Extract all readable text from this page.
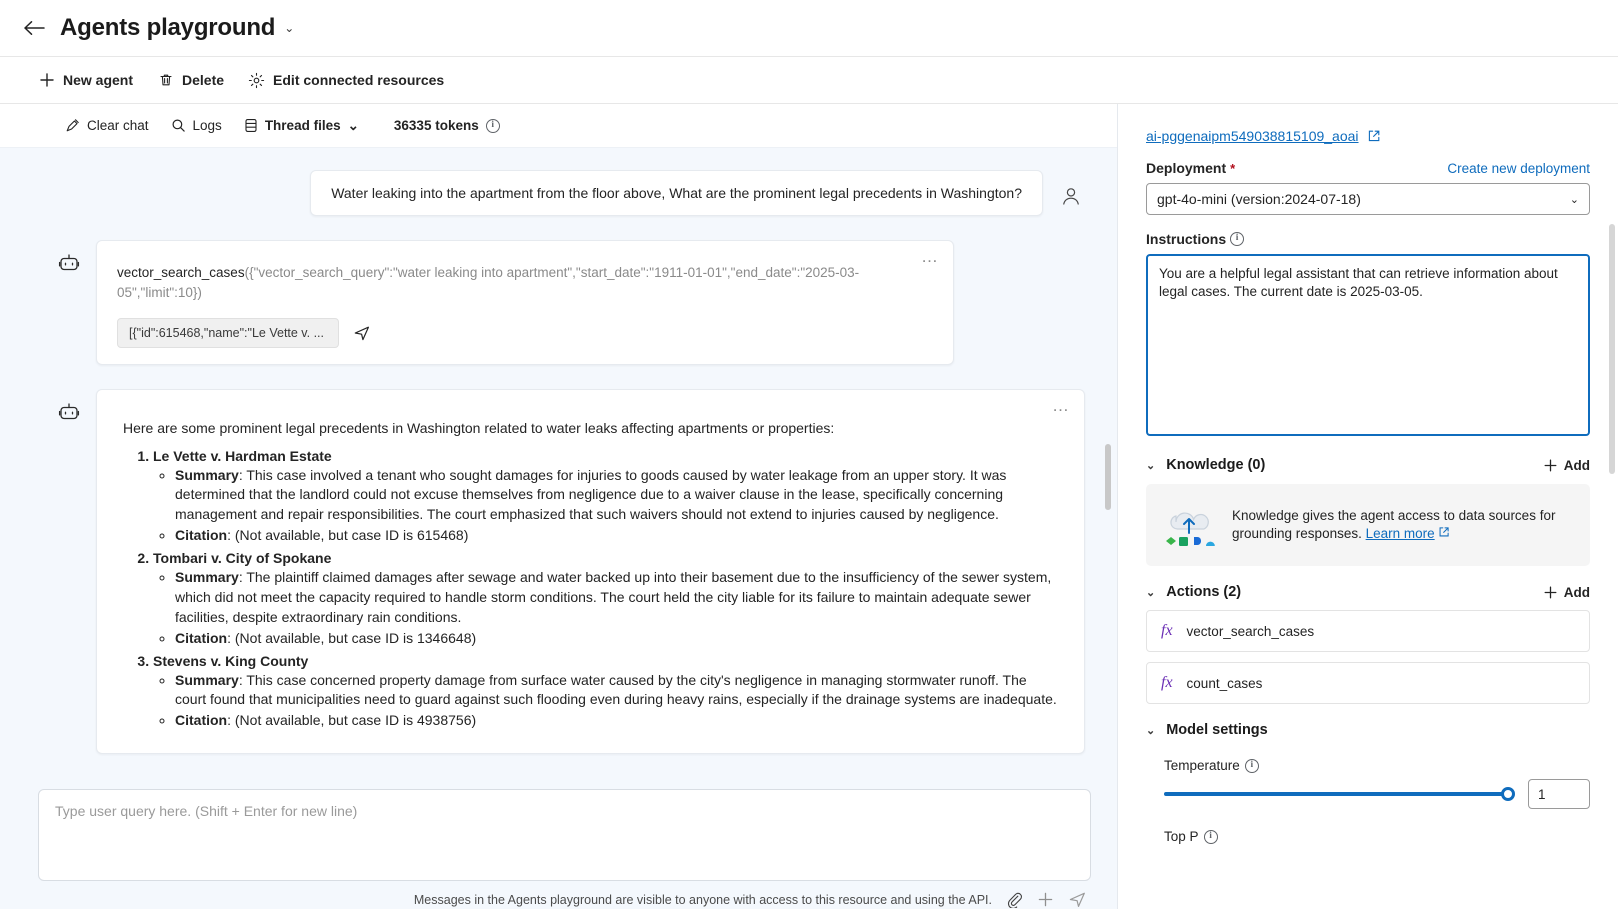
Agents playground ⌄
New agent	Delete	Edit connected resources
Clear chat	Logs	Thread files ⌄	36335 tokens	i
Water leaking into the apartment from the floor above, What are the prominent legal precedents in Washington?
…
vector_search_cases({"vector_search_query":"water leaking into apartment","start_date":"1911-01-01","end_date":"2025-03-05","limit":10})
[{"id":615468,"name":"Le Vette v. ...
…

Here are some prominent legal precedents in Washington related to water leaks affecting apartments or properties:

1. Le Vette v. Hardman Estate
◦ Summary: This case involved a tenant who sought damages for injuries to goods caused by water leakage from an upper story. It was determined that the landlord could not excuse themselves from negligence due to a waiver clause in the lease, specifically concerning management and repair responsibilities. The court emphasized that such waivers should not extend to injuries caused by negligence.
◦ Citation: (Not available, but case ID is 615468)
2. Tombari v. City of Spokane
◦ Summary: The plaintiff claimed damages after sewage and water backed up into their basement due to the insufficiency of the sewer system, which did not meet the capacity required to handle storm conditions. The court held the city liable for its failure to maintain adequate sewer facilities, despite extraordinary rain conditions.
◦ Citation: (Not available, but case ID is 1346648)
3. Stevens v. King County
◦ Summary: This case concerned property damage from surface water caused by the city's negligence in managing stormwater runoff. The court found that municipalities need to guard against such flooding even during heavy rains, especially if the drainage systems are inadequate.
◦ Citation: (Not available, but case ID is 4938756)
Type user query here. (Shift + Enter for new line)
Messages in the Agents playground are visible to anyone with access to this resource and using the API.
ai-pggenaipm549038815109_aoai
Deployment *	Create new deployment
gpt-4o-mini (version:2024-07-18)	⌄
Instructions	i
You are a helpful legal assistant that can retrieve information about legal cases. The current date is 2025-03-05.
⌄ Knowledge (0)	Add
Knowledge gives the agent access to data sources for grounding responses. Learn more
⌄ Actions (2)	Add
fx vector_search_cases
fx count_cases
⌄ Model settings
Temperature	i
1
Top P	i
